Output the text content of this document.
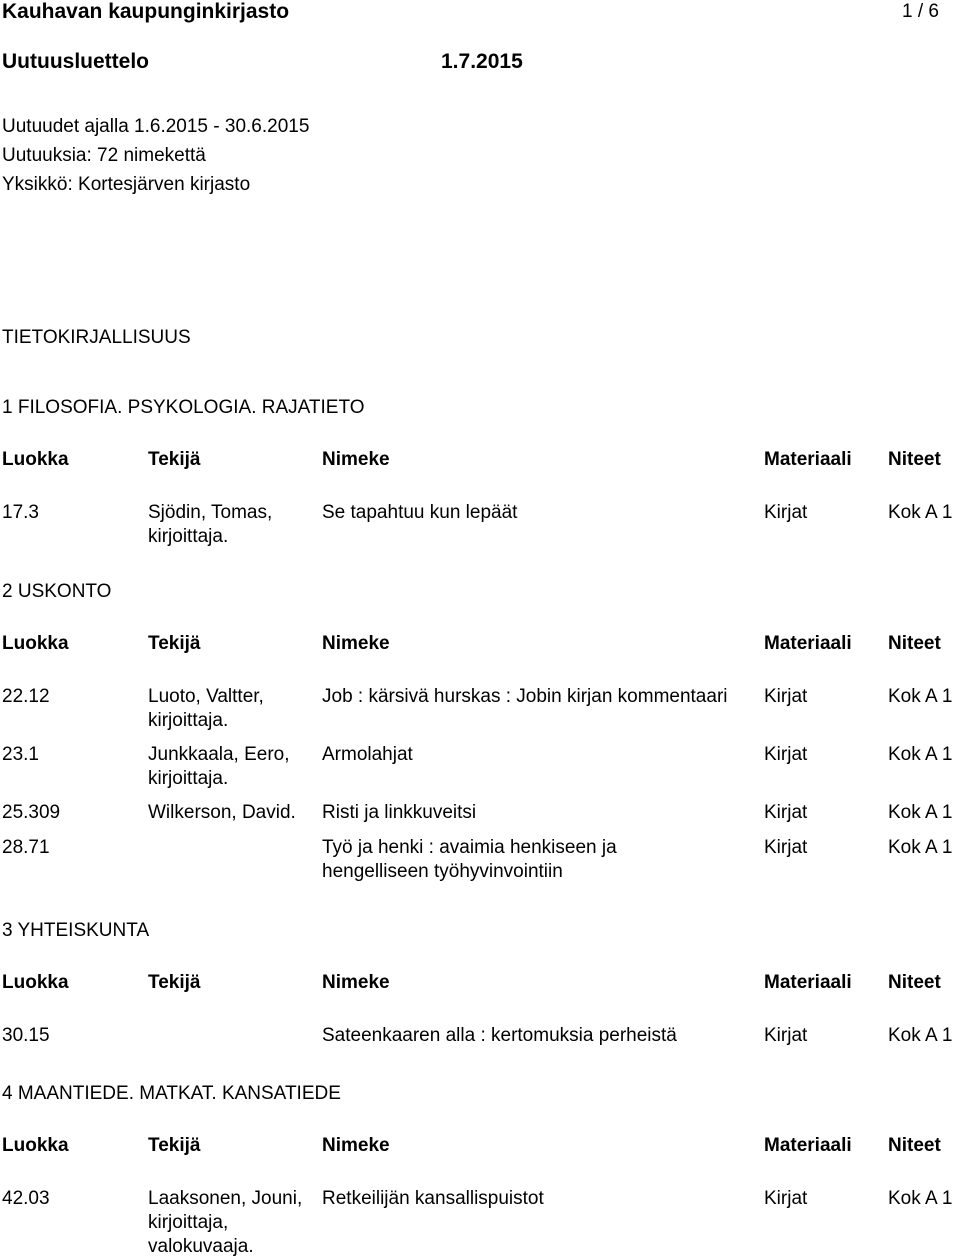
Kauhavan kaupunginkirjasto	1 / 6
Uutuusluettelo	1.7.2015
Uutuudet ajalla 1.6.2015 - 30.6.2015
Uutuuksia: 72 nimekettä
Yksikkö: Kortesjärven kirjasto
TIETOKIRJALLISUUS
1 FILOSOFIA. PSYKOLOGIA. RAJATIETO
Luokka	Tekijä	Nimeke	Materiaali	Niteet

17.3	Sjödin, Tomas, kirjoittaja.	Se tapahtuu kun lepäät	Kirjat	Kok A 1
2 USKONTO
Luokka	Tekijä	Nimeke	Materiaali	Niteet

22.12	Luoto, Valtter, kirjoittaja.	Job : kärsivä hurskas : Jobin kirjan kommentaari	Kirjat	Kok A 1
23.1	Junkkaala, Eero, kirjoittaja.	Armolahjat	Kirjat	Kok A 1
25.309	Wilkerson, David.	Risti ja linkkuveitsi	Kirjat	Kok A 1
28.71		Työ ja henki : avaimia henkiseen ja hengelliseen työhyvinvointiin	Kirjat	Kok A 1
3 YHTEISKUNTA
Luokka	Tekijä	Nimeke	Materiaali	Niteet

30.15		Sateenkaaren alla : kertomuksia perheistä	Kirjat	Kok A 1
4 MAANTIEDE. MATKAT. KANSATIEDE
Luokka	Tekijä	Nimeke	Materiaali	Niteet

42.03	Laaksonen, Jouni, kirjoittaja, valokuvaaja.	Retkeilijän kansallispuistot	Kirjat	Kok A 1
